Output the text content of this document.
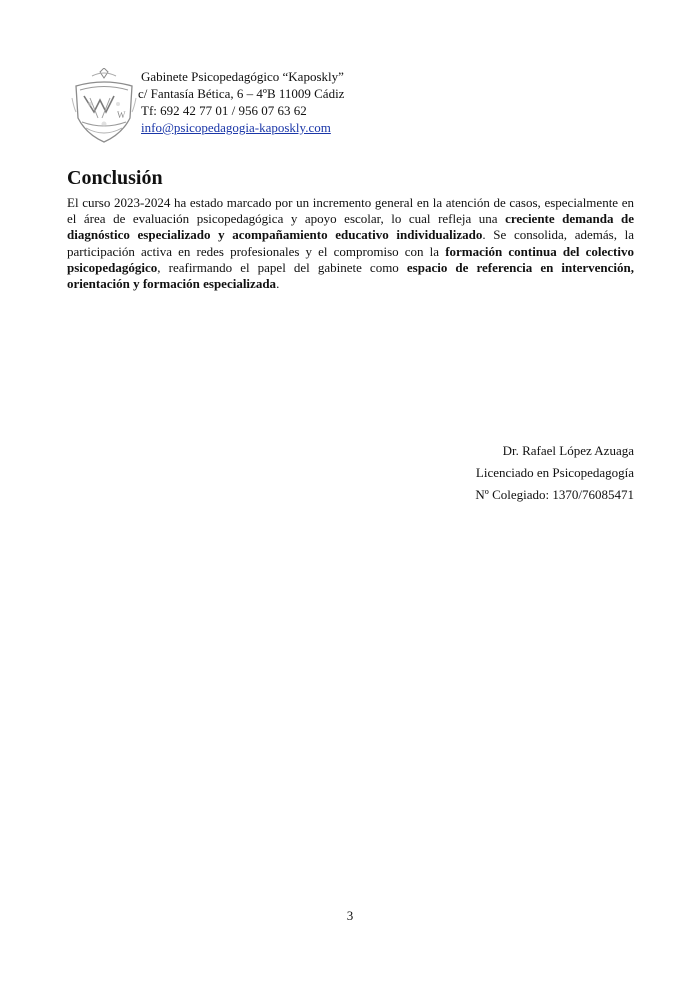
W
Gabinete Psicopedagógico “Kaposkly”
c/ Fantasía Bética, 6 – 4ºB 11009 Cádiz
Tf: 692 42 77 01 / 956 07 63 62
info@psicopedagogia-kaposkly.com
Conclusión

El curso 2023-2024 ha estado marcado por un incremento general en la atención de casos, especialmente en el área de evaluación psicopedagógica y apoyo escolar, lo cual refleja una creciente demanda de diagnóstico especializado y acompañamiento educativo individualizado. Se consolida, además, la participación activa en redes profesionales y el compromiso con la formación continua del colectivo psicopedagógico, reafirmando el papel del gabinete como espacio de referencia en intervención, orientación y formación especializada.

Dr. Rafael López Azuaga
Licenciado en Psicopedagogía
Nº Colegiado: 1370/76085471
3
